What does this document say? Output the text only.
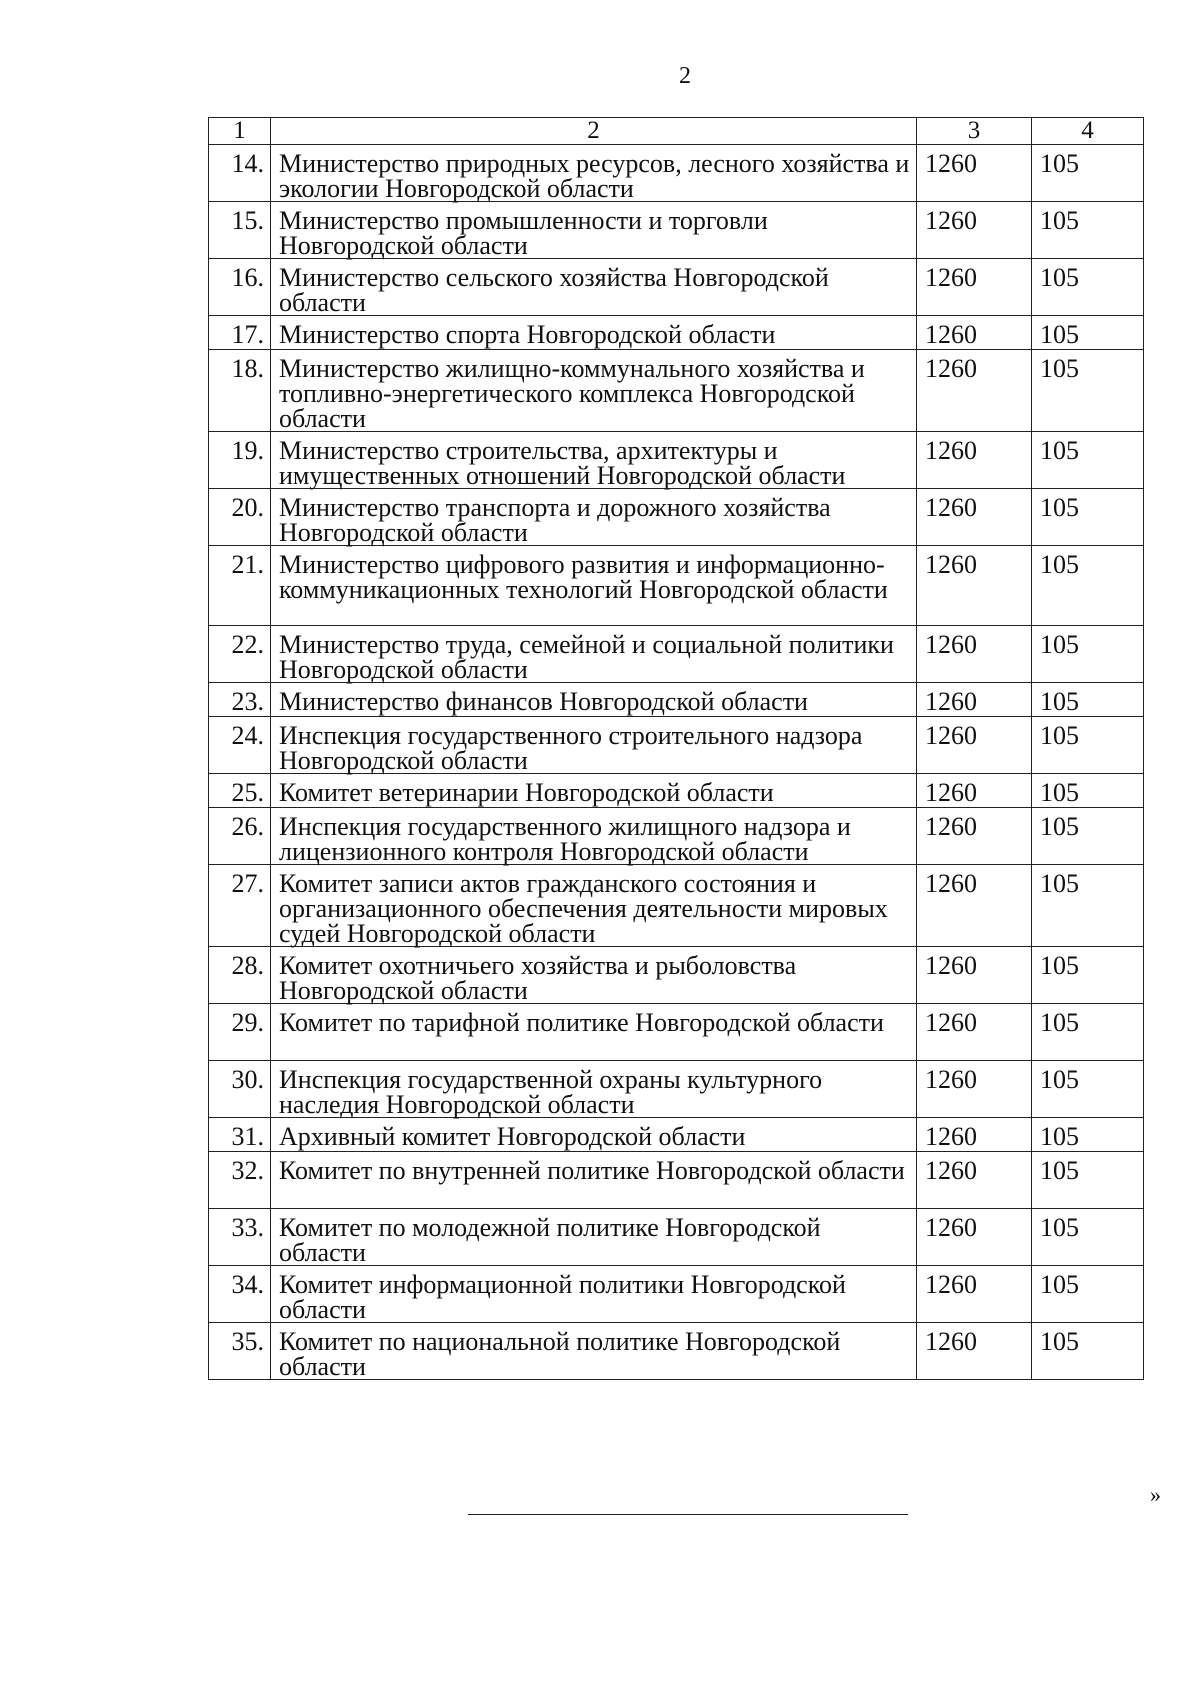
2
1	2	3	4
14.	Министерство природных ресурсов, лесного хозяйства и экологии Новгородской области	1260	105
15.	Министерство промышленности и торговли Новгородской области	1260	105
16.	Министерство сельского хозяйства Новгородской области	1260	105
17.	Министерство спорта Новгородской области	1260	105
18.	Министерство жилищно-коммунального хозяйства и топливно-энергетического комплекса Новгородской области	1260	105
19.	Министерство строительства, архитектуры и имущественных отношений Новгородской области	1260	105
20.	Министерство транспорта и дорожного хозяйства Новгородской области	1260	105
21.	Министерство цифрового развития и информационно-коммуникационных технологий Новгородской области	1260	105
22.	Министерство труда, семейной и социальной политики Новгородской области	1260	105
23.	Министерство финансов Новгородской области	1260	105
24.	Инспекция государственного строительного надзора Новгородской области	1260	105
25.	Комитет ветеринарии Новгородской области	1260	105
26.	Инспекция государственного жилищного надзора и лицензионного контроля Новгородской области	1260	105
27.	Комитет записи актов гражданского состояния и организационного обеспечения деятельности мировых судей Новгородской области	1260	105
28.	Комитет охотничьего хозяйства и рыболовства Новгородской области	1260	105
29.	Комитет по тарифной политике Новгородской области	1260	105
30.	Инспекция государственной охраны культурного наследия Новгородской области	1260	105
31.	Архивный комитет Новгородской области	1260	105
32.	Комитет по внутренней политике Новгородской области	1260	105
33.	Комитет по молодежной политике Новгородской области	1260	105
34.	Комитет информационной политики Новгородской области	1260	105
35.	Комитет по национальной политике Новгородской области	1260	105
»
